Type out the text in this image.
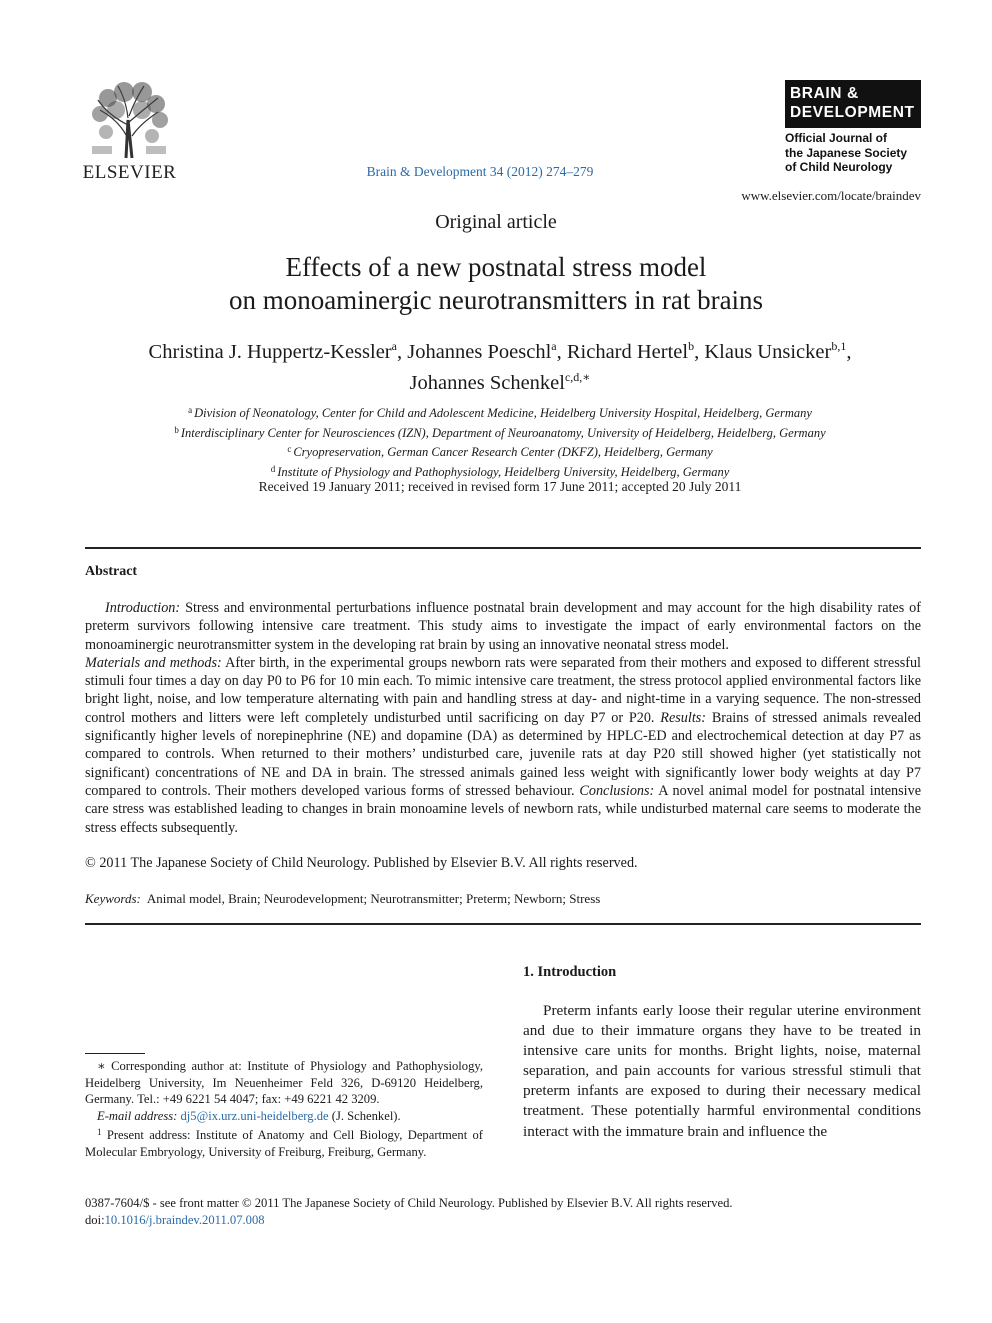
ELSEVIER	Brain & Development 34 (2012) 274–279
BRAIN &
DEVELOPMENT
Official Journal of
the Japanese Society
of Child Neurology
www.elsevier.com/locate/braindev
Original article
Effects of a new postnatal stress model
on monoaminergic neurotransmitters in rat brains
Christina J. Huppertz-Kessler$^a$, Johannes Poeschl$^a$, Richard Hertel$^b$, Klaus Unsicker$^{b,1}$,
Johannes Schenkel$^{c,d,∗}$
$^a$ Division of Neonatology, Center for Child and Adolescent Medicine, Heidelberg University Hospital, Heidelberg, Germany
$^b$ Interdisciplinary Center for Neurosciences (IZN), Department of Neuroanatomy, University of Heidelberg, Heidelberg, Germany
$^c$ Cryopreservation, German Cancer Research Center (DKFZ), Heidelberg, Germany
$^d$ Institute of Physiology and Pathophysiology, Heidelberg University, Heidelberg, Germany
Received 19 January 2011; received in revised form 17 June 2011; accepted 20 July 2011
Abstract

Introduction: Stress and environmental perturbations influence postnatal brain development and may account for the high disability rates of preterm survivors following intensive care treatment. This study aims to investigate the impact of early environmental factors on the monoaminergic neurotransmitter system in the developing rat brain by using an innovative neonatal stress model.
Materials and methods: After birth, in the experimental groups newborn rats were separated from their mothers and exposed to different stressful stimuli four times a day on day P0 to P6 for 10 min each. To mimic intensive care treatment, the stress protocol applied environmental factors like bright light, noise, and low temperature alternating with pain and handling stress at day- and night-time in a varying sequence. The non-stressed control mothers and litters were left completely undisturbed until sacrificing on day P7 or P20. Results: Brains of stressed animals revealed significantly higher levels of norepinephrine (NE) and dopamine (DA) as determined by HPLC-ED and electrochemical detection at day P7 as compared to controls. When returned to their mothers’ undisturbed care, juvenile rats at day P20 still showed higher (yet statistically not significant) concentrations of NE and DA in brain. The stressed animals gained less weight with significantly lower body weights at day P7 compared to controls. Their mothers developed various forms of stressed behaviour. Conclusions: A novel animal model for postnatal intensive care stress was established leading to changes in brain monoamine levels of newborn rats, while undisturbed maternal care seems to moderate the stress effects subsequently.

© 2011 The Japanese Society of Child Neurology. Published by Elsevier B.V. All rights reserved.
Keywords: Animal model, Brain; Neurodevelopment; Neurotransmitter; Preterm; Newborn; Stress
1. Introduction

Preterm infants early loose their regular uterine environment and due to their immature organs they have to be treated in intensive care units for months. Bright lights, noise, maternal separation, and pain accounts for various stressful stimuli that preterm infants are exposed to during their necessary medical treatment. These potentially harmful environmental conditions interact with the immature brain and influence the

∗ Corresponding author at: Institute of Physiology and Pathophysiology, Heidelberg University, Im Neuenheimer Feld 326, D-69120 Heidelberg, Germany. Tel.: +49 6221 54 4047; fax: +49 6221 42 3209.

E-mail address: dj5@ix.urz.uni-heidelberg.de (J. Schenkel).

$^1$ Present address: Institute of Anatomy and Cell Biology, Department of Molecular Embryology, University of Freiburg, Freiburg, Germany.

0387-7604/$ - see front matter © 2011 The Japanese Society of Child Neurology. Published by Elsevier B.V. All rights reserved.
doi:10.1016/j.braindev.2011.07.008
